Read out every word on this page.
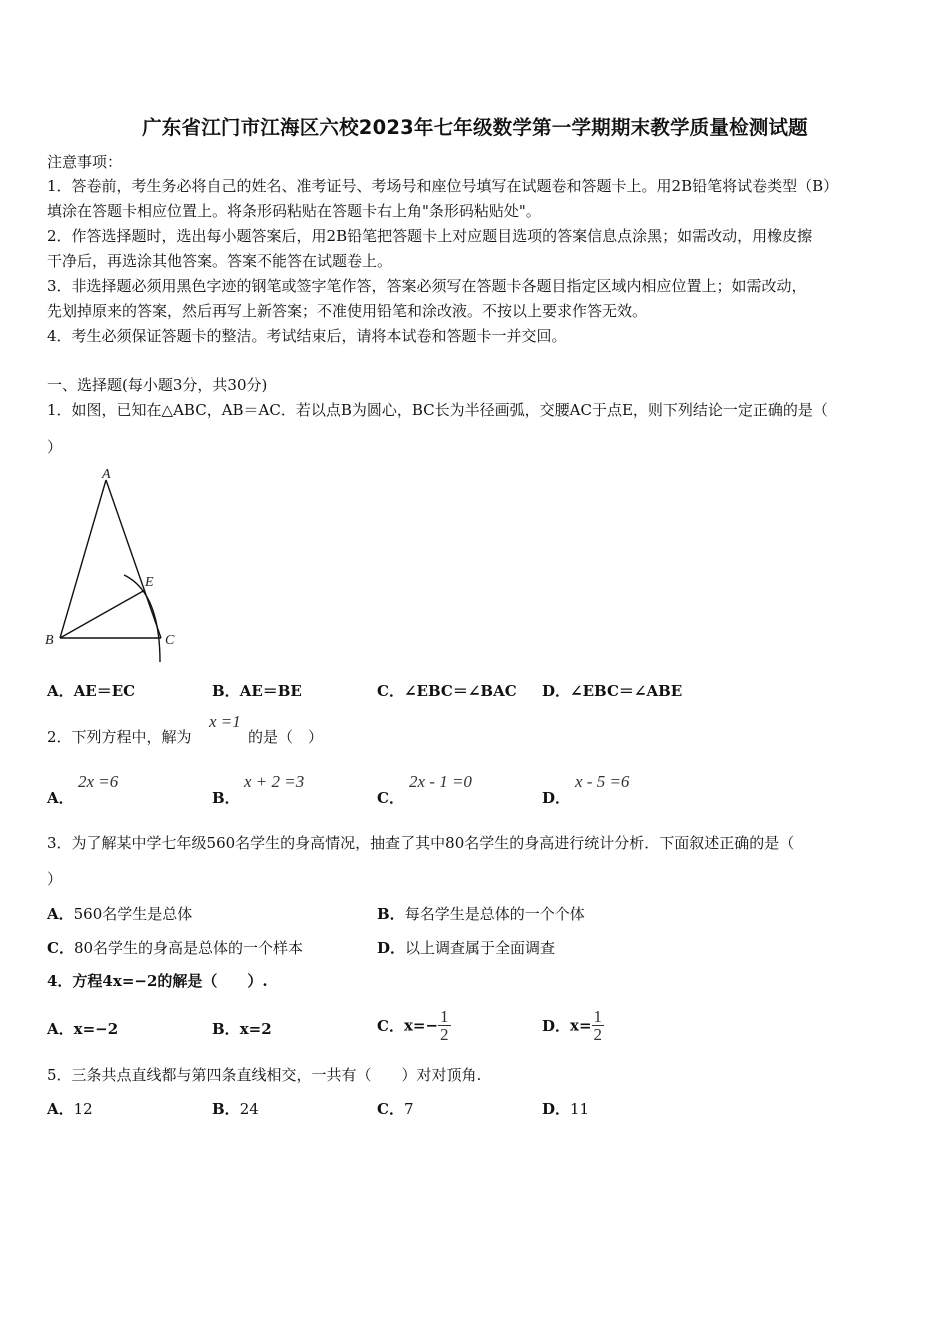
广东省江门市江海区六校2023年七年级数学第一学期期末教学质量检测试题
注意事项：
1．答卷前，考生务必将自己的姓名、准考证号、考场号和座位号填写在试题卷和答题卡上。用2B铅笔将试卷类型（B）
填涂在答题卡相应位置上。将条形码粘贴在答题卡右上角"条形码粘贴处"。
2．作答选择题时，选出每小题答案后，用2B铅笔把答题卡上对应题目选项的答案信息点涂黑；如需改动，用橡皮擦
干净后，再选涂其他答案。答案不能答在试题卷上。
3．非选择题必须用黑色字迹的钢笔或签字笔作答，答案必须写在答题卡各题目指定区域内相应位置上；如需改动，
先划掉原来的答案，然后再写上新答案；不准使用铅笔和涂改液。不按以上要求作答无效。
4．考生必须保证答题卡的整洁。考试结束后，请将本试卷和答题卡一并交回。
一、选择题(每小题3分，共30分)
1．如图，已知在△ABC，AB＝AC．若以点B为圆心，BC长为半径画弧，交腰AC于点E，则下列结论一定正确的是（
）
A
B	C
E
A．AE＝EC	B．AE＝BE	C．∠EBC＝∠BAC D．∠EBC＝∠ABE
2．下列方程中，解为
x =1
的是（　）
A．
2x =6
B．
x + 2 =3
C．
2x - 1 =0
D．
x - 5 =6
3．为了解某中学七年级560名学生的身高情况，抽查了其中80名学生的身高进行统计分析．下面叙述正确的是（
）
A．560名学生是总体	B．每名学生是总体的一个个体
C．80名学生的身高是总体的一个样本	D．以上调查属于全面调查
4．方程4x=−2的解是（　　）.
A．x=−2	B．x=2	C．$x=- \frac{1}{2}$	D．$x= \frac{1}{2}$
5．三条共点直线都与第四条直线相交，一共有（　　）对对顶角.
A．12	B．24	C．7	D．11
